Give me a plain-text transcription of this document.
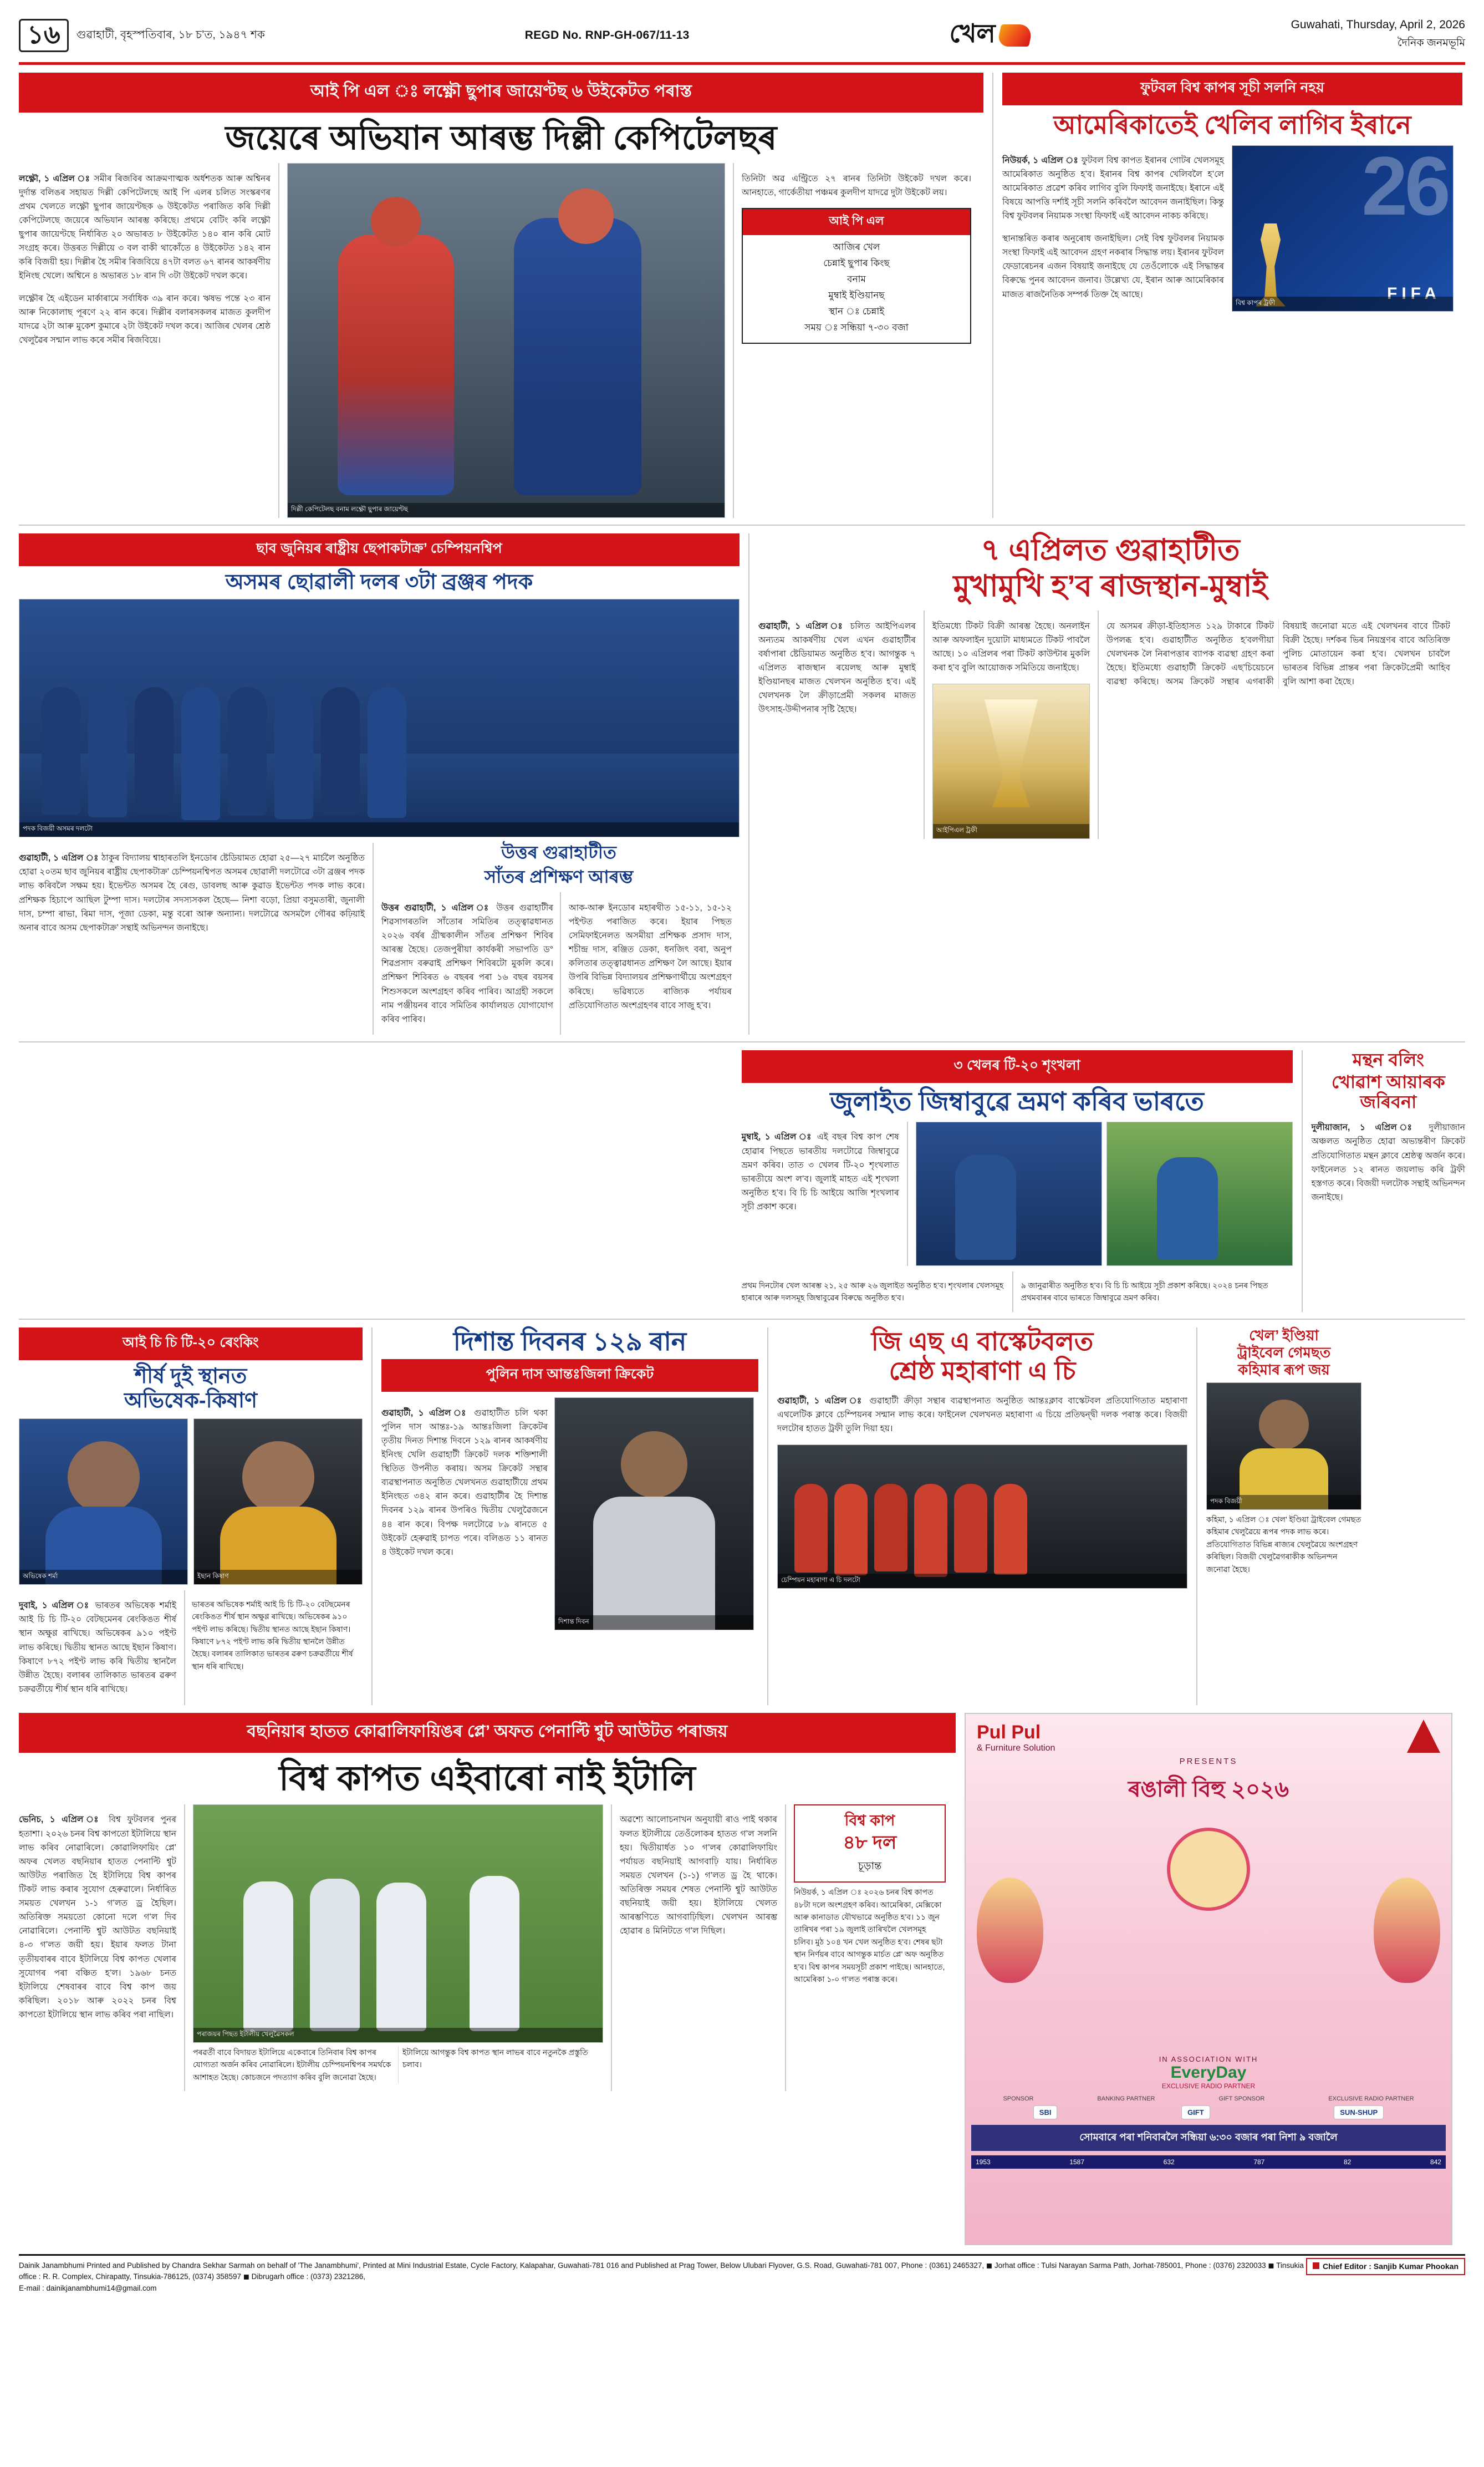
১৬	গুৱাহাটী, বৃহস্পতিবাৰ, ১৮ চ’ত, ১৯৪৭ শক	REGD No. RNP-GH-067/11-13	খেল	Guwahati, Thursday, April 2, 2026
দৈনিক জনমভূমি
আই পি এল ঃ লক্ষ্ণৌ ছুপাৰ জায়েণ্টছ ৬ উইকেটত পৰাস্ত
জয়েৰে অভিযান আৰম্ভ দিল্লী কেপিটেলছৰ

লক্ষ্ণৌ, ১ এপ্ৰিল ঃ সমীৰ ৰিজবিৰ আক্ৰমণাত্মক অৰ্ধশতক আৰু অশ্বিনৰ দুৰ্দান্ত বলিঙৰ সহায়ত দিল্লী কেপিটেলছে আই পি এলৰ চলিত সংস্কৰণৰ প্ৰথম খেলতে লক্ষ্ণৌ ছুপাৰ জায়েণ্টছক ৬ উইকেটত পৰাজিত কৰি দিল্লী কেপিটেলছে জয়েৰে অভিযান আৰম্ভ কৰিছে। প্ৰথমে বেটিং কৰি লক্ষ্ণৌ ছুপাৰ জায়েণ্টছে নিৰ্ধাৰিত ২০ অভাৰত ৮ উইকেটত ১৪০ ৰান কৰি মোট সংগ্ৰহ কৰে। উত্তৰত দিল্লীয়ে ৩ বল বাকী থাকোঁতে ৪ উইকেটত ১৪২ ৰান কৰি বিজয়ী হয়। দিল্লীৰ হৈ সমীৰ ৰিজবিয়ে ৪৭টা বলত ৬৭ ৰানৰ আকৰ্ষণীয় ইনিংছ খেলে। অশ্বিনে ৪ অভাৰত ১৮ ৰান দি ৩টা উইকেট দখল কৰে।

লক্ষ্ণৌৰ হৈ এইডেন মাৰ্কাৰামে সৰ্বাধিক ৩৯ ৰান কৰে। ঋষভ পন্তে ২৩ ৰান আৰু নিকোলাছ পূৰণে ২২ ৰান কৰে। দিল্লীৰ বলাৰসকলৰ মাজত কুলদীপ যাদৱে ২টা আৰু মুকেশ কুমাৰে ২টা উইকেট দখল কৰে। আজিৰ খেলৰ শ্ৰেষ্ঠ খেলুৱৈৰ সন্মান লাভ কৰে সমীৰ ৰিজবিয়ে।

দিল্লী কেপিটেলছ বনাম লক্ষ্ণৌ ছুপাৰ জায়েণ্টছ

তিনিটা অৱ এন্ট্ৰিতে ২৭ ৰানৰ তিনিটা উইকেট দখল কৰে। আনহাতে, গাৰ্কেতীয়া পঞ্চমৰ কুলদীপ যাদৱে দুটা উইকেট লয়।

আই পি এল
আজিৰ খেল
চেন্নাই ছুপাৰ কিংছ
বনাম
মুম্বাই ইণ্ডিয়ানছ
স্থান ঃ চেন্নাই
সময় ঃ সন্ধিয়া ৭-৩০ বজা
ফুটবল বিশ্ব কাপৰ সূচী সলনি নহয়
আমেৰিকাতেই খেলিব লাগিব ইৰানে

নিউয়ৰ্ক, ১ এপ্ৰিল ঃ ফুটবল বিশ্ব কাপত ইৰানৰ গোটৰ খেলসমূহ আমেৰিকাত অনুষ্ঠিত হ’ব। ইৰানৰ বিশ্ব কাপৰ খেলিবলৈ হ’লে আমেৰিকাত প্ৰৱেশ কৰিব লাগিব বুলি ফিফাই জনাইছে। ইৰানে এই বিষয়ে আপত্তি দৰ্শাই সূচী সলনি কৰিবলৈ আবেদন জনাইছিল। কিন্তু বিশ্ব ফুটবলৰ নিয়ামক সংস্থা ফিফাই এই আবেদন নাকচ কৰিছে।

স্থানান্তৰিত কৰাৰ অনুৰোধ জনাইছিল। সেই বিশ্ব ফুটবলৰ নিয়ামক সংস্থা ফিফাই এই আবেদন গ্ৰহণ নকৰাৰ সিদ্ধান্ত লয়। ইৰানৰ ফুটবল ফেডাৰেচনৰ এজন বিষয়াই জনাইছে যে তেওঁলোকে এই সিদ্ধান্তৰ বিৰুদ্ধে পুনৰ আবেদন জনাব। উল্লেখ্য যে, ইৰান আৰু আমেৰিকাৰ মাজত ৰাজনৈতিক সম্পৰ্ক তিক্ত হৈ আছে।

26
FIFA
বিশ্ব কাপৰ ট্ৰফী
ছাব জুনিয়ৰ ৰাষ্ট্ৰীয় ছেপাকটাক্ৰ’ চেম্পিয়নশ্বিপ
অসমৰ ছোৱালী দলৰ ৩টা ব্ৰঞ্জৰ পদক
পদক বিজয়ী অসমৰ দলটো

গুৱাহাটী, ১ এপ্ৰিল ঃ ঠাকুৰ বিদ্যালয় শ্বাহাৰতলি ইনডোৰ ষ্টেডিয়ামত হোৱা ২৫—২৭ মাৰ্চলৈ অনুষ্ঠিত হোৱা ২০তম ছাব জুনিয়ৰ ৰাষ্ট্ৰীয় ছেপাকটাক্ৰ’ চেম্পিয়নশ্বিপত অসমৰ ছোৱালী দলটোৱে ৩টা ব্ৰঞ্জৰ পদক লাভ কৰিবলৈ সক্ষম হয়। ইভেন্টত অসমৰ হৈ ৰেগু, ডাবলছ আৰু কুৱাড ইভেন্টত পদক লাভ কৰে। প্ৰশিক্ষক হিচাপে আছিল টুম্পা দাস। দলটোৰ সদস্যসকল হৈছে— নিশা বড়ো, প্ৰিয়া বসুমতাৰী, জুনালী দাস, চম্পা ৰাভা, ৰিমা দাস, পূজা ডেকা, মন্তু বৰো আৰু অন্যান্য। দলটোৱে অসমলৈ গৌৰৱ কঢ়িয়াই অনাৰ বাবে অসম ছেপাকটাক্ৰ’ সন্থাই অভিনন্দন জনাইছে।

উত্তৰ গুৱাহাটীত
সাঁতৰ প্ৰশিক্ষণ আৰম্ভ

উত্তৰ গুৱাহাটী, ১ এপ্ৰিল ঃ উত্তৰ গুৱাহাটীৰ শিৱসাগৰতলি সাঁতোৰ সমিতিৰ তত্ত্বাৱধানত ২০২৬ বৰ্ষৰ গ্ৰীষ্মকালীন সাঁতৰ প্ৰশিক্ষণ শিবিৰ আৰম্ভ হৈছে। তেজপুৰীয়া কাৰ্যকৰী সভাপতি ড° শিৱপ্ৰসাদ বৰুৱাই প্ৰশিক্ষণ শিবিৰটো মুকলি কৰে। প্ৰশিক্ষণ শিবিৰত ৬ বছৰৰ পৰা ১৬ বছৰ বয়সৰ শিশুসকলে অংশগ্ৰহণ কৰিব পাৰিব। আগ্ৰহী সকলে নাম পঞ্জীয়নৰ বাবে সমিতিৰ কাৰ্যালয়ত যোগাযোগ কৰিব পাৰিব।

আক-আৰু ইনডোৰ মহাৰথীত ১৫-১১, ১৫-১২ পইণ্টত পৰাজিত কৰে। ইয়াৰ পিছত সেমিফাইনেলত অসমীয়া প্ৰশিক্ষক প্ৰসাদ দাস, শচীন্দ্ৰ দাস, ৰঞ্জিত ডেকা, ধনজিৎ বৰা, অনুপ কলিতাৰ তত্ত্বাৱধানত প্ৰশিক্ষণ লৈ আছে। ইয়াৰ উপৰি বিভিন্ন বিদ্যালয়ৰ প্ৰশিক্ষণাৰ্থীয়ে অংশগ্ৰহণ কৰিছে। ভৱিষ্যতে ৰাজ্যিক পৰ্যায়ৰ প্ৰতিযোগিতাত অংশগ্ৰহণৰ বাবে সাজু হ’ব।

৭ এপ্ৰিলত গুৱাহাটীত
মুখামুখি হ’ব ৰাজস্থান-মুম্বাই

গুৱাহাটী, ১ এপ্ৰিল ঃ চলিত আইপিএলৰ অন্যতম আকৰ্ষণীয় খেল এখন গুৱাহাটীৰ বৰ্ষাপাৰা ষ্টেডিয়ামত অনুষ্ঠিত হ’ব। আগন্তুক ৭ এপ্ৰিলত ৰাজস্থান ৰয়েলছ আৰু মুম্বাই ইণ্ডিয়ানছৰ মাজত খেলখন অনুষ্ঠিত হ’ব। এই খেলখনক লৈ ক্ৰীড়াপ্ৰেমী সকলৰ মাজত উৎসাহ-উদ্দীপনাৰ সৃষ্টি হৈছে।

ইতিমধ্যে টিকট বিক্ৰী আৰম্ভ হৈছে। অনলাইন আৰু অফলাইন দুয়োটা মাধ্যমতে টিকট পাবলৈ আছে। ১০ এপ্ৰিলৰ পৰা টিকট কাউন্টাৰ মুকলি কৰা হ’ব বুলি আয়োজক সমিতিয়ে জনাইছে।

আইপিএল ট্ৰফী

যে অসমৰ ক্ৰীড়া-ইতিহাসত ১২৯ টাকাৰে টিকট উপলব্ধ হ’ব। গুৱাহাটীত অনুষ্ঠিত হ’বলগীয়া খেলখনক লৈ নিৰাপত্তাৰ ব্যাপক ব্যৱস্থা গ্ৰহণ কৰা হৈছে। ইতিমধ্যে গুৱাহাটী ক্ৰিকেট এছ’চিয়েচনে ব্যৱস্থা কৰিছে। অসম ক্ৰিকেট সন্থাৰ এগৰাকী বিষয়াই জনোৱা মতে এই খেলখনৰ বাবে টিকট বিক্ৰী হৈছে। দৰ্শকৰ ভিৰ নিয়ন্ত্ৰণৰ বাবে অতিৰিক্ত পুলিচ মোতায়েন কৰা হ’ব। খেলখন চাবলৈ ভাৰতৰ বিভিন্ন প্ৰান্তৰ পৰা ক্ৰিকেটপ্ৰেমী আহিব বুলি আশা কৰা হৈছে।

৩ খেলৰ টি-২০ শৃংখলা
জুলাইত জিম্বাবুৱে ভ্ৰমণ কৰিব ভাৰতে

মুম্বাই, ১ এপ্ৰিল ঃ এই বছৰ বিশ্ব কাপ শেষ হোৱাৰ পিছতে ভাৰতীয় দলটোৱে জিম্বাবুৱে ভ্ৰমণ কৰিব। তাত ৩ খেলৰ টি-২০ শৃংখলাত ভাৰতীয়ে অংশ ল’ব। জুলাই মাহত এই শৃংখলা অনুষ্ঠিত হ’ব। বি চি চি আইয়ে আজি শৃংখলাৰ সূচী প্ৰকাশ কৰে।

প্ৰথম দিনটোৰ খেল আৰম্ভ ২১, ২৫ আৰু ২৬ জুলাইত অনুষ্ঠিত হ’ব। শৃংখলাৰ খেলসমূহ হাৰাৰে আৰু দলসমূহ জিম্বাবুৱেৰ বিৰুদ্ধে অনুষ্ঠিত হ’ব।

৯ জানুৱাৰীত অনুষ্ঠিত হ’ব। বি চি চি আইয়ে সূচী প্ৰকাশ কৰিছে। ২০২৪ চনৰ পিছত প্ৰথমবাৰৰ বাবে ভাৰতে জিম্বাবুৱে ভ্ৰমণ কৰিব।

মন্থন বলিং
খোৱাশ আয়াৰক জৰিবনা

দুলীয়াজান, ১ এপ্ৰিল ঃ দুলীয়াজান অঞ্চলত অনুষ্ঠিত হোৱা অভ্যন্তৰীণ ক্ৰিকেট প্ৰতিযোগিতাত মন্থন ক্লাবে শ্ৰেষ্ঠত্ব অৰ্জন কৰে। ফাইনেলত ১২ ৰানত জয়লাভ কৰি ট্ৰফী হস্তগত কৰে। বিজয়ী দলটোক সন্থাই অভিনন্দন জনাইছে।

আই চি চি টি-২০ ৰেংকিং
শীৰ্ষ দুই স্থানত
অভিষেক-কিষাণ
অভিষেক শৰ্মা	ইছান কিষাণ

দুবাই, ১ এপ্ৰিল ঃ ভাৰতৰ অভিষেক শৰ্মাই আই চি চি টি-২০ বেটছমেনৰ ৰেংকিঙত শীৰ্ষ স্থান অক্ষুণ্ণ ৰাখিছে। অভিষেকৰ ৯১০ পইণ্ট লাভ কৰিছে। দ্বিতীয় স্থানত আছে ইছান কিষাণ। কিষাণে ৮৭২ পইণ্ট লাভ কৰি দ্বিতীয় স্থানলৈ উন্নীত হৈছে। বলাৰৰ তালিকাত ভাৰতৰ ৱৰুণ চক্ৰৱৰ্তীয়ে শীৰ্ষ স্থান ধৰি ৰাখিছে।

ভাৰতৰ অভিষেক শৰ্মাই আই চি চি টি-২০ বেটছমেনৰ ৰেংকিঙত শীৰ্ষ স্থান অক্ষুণ্ণ ৰাখিছে। অভিষেকৰ ৯১০ পইণ্ট লাভ কৰিছে। দ্বিতীয় স্থানত আছে ইছান কিষাণ। কিষাণে ৮৭২ পইণ্ট লাভ কৰি দ্বিতীয় স্থানলৈ উন্নীত হৈছে। বলাৰৰ তালিকাত ভাৰতৰ ৱৰুণ চক্ৰৱৰ্তীয়ে শীৰ্ষ স্থান ধৰি ৰাখিছে।

দিশান্ত দিবনৰ ১২৯ ৰান
পুলিন দাস আন্তঃজিলা ক্ৰিকেট

গুৱাহাটী, ১ এপ্ৰিল ঃ গুৱাহাটীত চলি থকা পুলিন দাস আন্তঃ-১৯ আন্তঃজিলা ক্ৰিকেটৰ তৃতীয় দিনত দিশান্ত দিবনে ১২৯ ৰানৰ আকৰ্ষণীয় ইনিংছ খেলি গুৱাহাটী ক্ৰিকেট দলক শক্তিশালী স্থিতিত উপনীত কৰায়। অসম ক্ৰিকেট সন্থাৰ ব্যৱস্থাপনাত অনুষ্ঠিত খেলখনত গুৱাহাটীয়ে প্ৰথম ইনিংছত ৩৪২ ৰান কৰে। গুৱাহাটীৰ হৈ দিশান্ত দিবনৰ ১২৯ ৰানৰ উপৰিও দ্বিতীয় খেলুৱৈজনে ৪৪ ৰান কৰে। বিপক্ষ দলটোৱে ৮৯ ৰানতে ৫ উইকেট হেৰুৱাই চাপত পৰে। বলিঙত ১১ ৰানত ৪ উইকেট দখল কৰে।

দিশান্ত দিবন
জি এছ এ বাস্কেটবলত
শ্ৰেষ্ঠ মহাৰাণা এ চি

গুৱাহাটী, ১ এপ্ৰিল ঃ গুৱাহাটী ক্ৰীড়া সন্থাৰ ব্যৱস্থাপনাত অনুষ্ঠিত আন্তঃক্লাব বাস্কেটবল প্ৰতিযোগিতাত মহাৰাণা এথলেটিক ক্লাবে চেম্পিয়নৰ সন্মান লাভ কৰে। ফাইনেল খেলখনত মহাৰাণা এ চিয়ে প্ৰতিদ্বন্দ্বী দলক পৰাস্ত কৰে। বিজয়ী দলটোৰ হাতত ট্ৰফী তুলি দিয়া হয়।

চেম্পিয়ন মহাৰাণা এ চি দলটো
খেল’ ইণ্ডিয়া
ট্ৰাইবেল গেমছত
কহিমাৰ ৰূপ জয়
পদক বিজয়ী

কহিমা, ১ এপ্ৰিল ঃ খেল’ ইণ্ডিয়া ট্ৰাইবেল গেমছত কহিমাৰ খেলুৱৈয়ে ৰূপৰ পদক লাভ কৰে। প্ৰতিযোগিতাত বিভিন্ন ৰাজ্যৰ খেলুৱৈয়ে অংশগ্ৰহণ কৰিছিল। বিজয়ী খেলুৱৈগৰাকীক অভিনন্দন জনোৱা হৈছে।

বছনিয়াৰ হাতত কোৱালিফায়িঙৰ প্লে’ অফত পেনাল্টি শ্বুট আউটত পৰাজয়
বিশ্ব কাপত এইবাৰো নাই ইটালি

ভেনিচ, ১ এপ্ৰিল ঃ বিশ্ব ফুটবলৰ পুনৰ হতাশা। ২০২৬ চনৰ বিশ্ব কাপতো ইটালিয়ে স্থান লাভ কৰিব নোৱাৰিলে। কোৱালিফায়িং প্লে’ অফৰ খেলত বছনিয়াৰ হাতত পেনাল্টি শ্বুট আউটত পৰাজিত হৈ ইটালিয়ে বিশ্ব কাপৰ টিকট লাভ কৰাৰ সুযোগ হেৰুৱালে। নিৰ্ধাৰিত সময়ত খেলখন ১-১ গ’লত ড্ৰ হৈছিল। অতিৰিক্ত সময়তো কোনো দলে গ’ল দিব নোৱাৰিলে। পেনাল্টি শ্বুট আউটত বছনিয়াই ৪-৩ গ’লত জয়ী হয়। ইয়াৰ ফলত টানা তৃতীয়বাৰৰ বাবে ইটালিয়ে বিশ্ব কাপত খেলাৰ সুযোগৰ পৰা বঞ্চিত হ’ল। ১৯৬৮ চনত ইটালিয়ে শেষবাৰৰ বাবে বিশ্ব কাপ জয় কৰিছিল। ২০১৮ আৰু ২০২২ চনৰ বিশ্ব কাপতো ইটালিয়ে স্থান লাভ কৰিব পৰা নাছিল।

পৰাজয়ৰ পিছত ইটালীয় খেলুৱৈসকল

পৰৱৰ্তী বাবে বিদায়ত ইটালিয়ে একেবাৰে তিনিবাৰ বিশ্ব কাপৰ যোগ্যতা অৰ্জন কৰিব নোৱাৰিলে। ইটালীয় চেম্পিয়নশ্বিপৰ সমৰ্থকে আশাহত হৈছে। কোচজনে পদত্যাগ কৰিব বুলি জনোৱা হৈছে। ইটালিয়ে আগন্তুক বিশ্ব কাপত স্থান লাভৰ বাবে নতুনকৈ প্ৰস্তুতি চলাব।

অৱশ্যে আলোচনাখন অনুযায়ী ৰাও পাই থকাৰ ফলত ইটালীয়ে তেওঁলোকৰ হাতত গ’ল সলনি হয়। দ্বিতীয়াৰ্ধত ১০ গ’লৰ কোৱালিফায়িং পৰ্যায়ত বছনিয়াই আগবাঢ়ি যায়। নিৰ্ধাৰিত সময়ত খেলখন (১-১) গ’লত ড্ৰ হৈ থাকে। অতিৰিক্ত সময়ৰ শেষত পেনাল্টি শ্বুট আউটত বছনিয়াই জয়ী হয়। ইটালিয়ে খেলত আৰম্ভণিতে আগবাঢ়িছিল। খেলখন আৰম্ভ হোৱাৰ ৪ মিনিটতে গ’ল দিছিল।

বিশ্ব কাপ
৪৮ দল
চূড়ান্ত

নিউয়ৰ্ক, ১ এপ্ৰিল ঃ ২০২৬ চনৰ বিশ্ব কাপত ৪৮টা দলে অংশগ্ৰহণ কৰিব। আমেৰিকা, মেক্সিকো আৰু কানাডাত যৌথভাৱে অনুষ্ঠিত হ’ব। ১১ জুন তাৰিখৰ পৰা ১৯ জুলাই তাৰিখলৈ খেলসমূহ চলিব। মুঠ ১০৪ খন খেল অনুষ্ঠিত হ’ব। শেষৰ ছটা স্থান নিৰ্ণয়ৰ বাবে আগন্তুক মাৰ্চত প্লে’ অফ অনুষ্ঠিত হ’ব। বিশ্ব কাপৰ সময়সূচী প্ৰকাশ পাইছে। আনহাতে, আমেৰিকা ১-০ গ’লত পৰাস্ত কৰে।

Pul Pul
& Furniture Solution
PRESENTS
ৰঙালী বিহু ২০২৬
IN ASSOCIATION WITH
EveryDay
EXCLUSIVE RADIO PARTNER
SPONSOR	BANKING PARTNER	GIFT SPONSOR	EXCLUSIVE RADIO PARTNER
SBI	GIFT	SUN-SHUP
সোমবাৰে পৰা শনিবাৰলৈ সন্ধিয়া ৬:৩০ বজাৰ পৰা নিশা ৯ বজালৈ
1953	1587	632	787	82	842
Chief Editor : Sanjib Kumar Phookan
Dainik Janambhumi Printed and Published by Chandra Sekhar Sarmah on behalf of 'The Janambhumi', Printed at Mini Industrial Estate, Cycle Factory, Kalapahar, Guwahati-781 016 and Published at Prag Tower, Below Ulubari Flyover, G.S. Road, Guwahati-781 007, Phone : (0361) 2465327, ◼ Jorhat office : Tulsi Narayan Sarma Path, Jorhat-785001, Phone : (0376) 2320033 ◼ Tinsukia office : R. R. Complex, Chirapatty, Tinsukia-786125, (0374) 358597 ◼ Dibrugarh office : (0373) 2321286,
E-mail : dainikjanambhumi14@gmail.com
